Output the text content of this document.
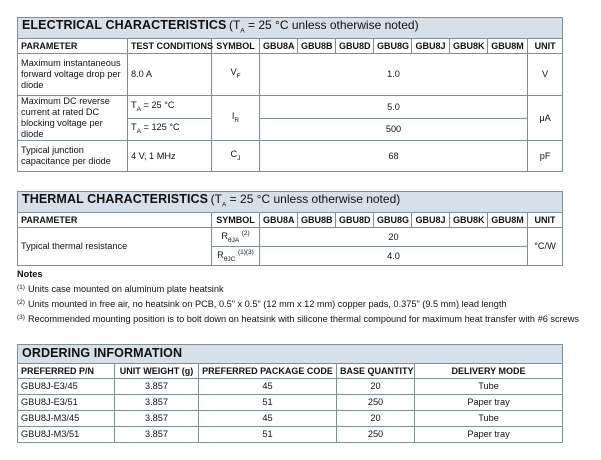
ELECTRICAL CHARACTERISTICS ($T_A = 25$ °C unless otherwise noted)										
PARAMETER	TEST CONDITIONS	SYMBOL	GBU8A	GBU8B	GBU8D	GBU8G	GBU8J	GBU8K	GBU8M	UNIT
Maximum instantaneous forward voltage drop per diode	8.0 A	$V_F$	1.0							V
Maximum DC reverse current at rated DC blocking voltage per diode	$T_A = 25$ °C	$I_R$	5.0							μA
	$T_A = 125$ °C		500							
Typical junction capacitance per diode	4 V, 1 MHz	$C_J$	68							pF
THERMAL CHARACTERISTICS ($T_A = 25$ °C unless otherwise noted)									
PARAMETER	SYMBOL	GBU8A	GBU8B	GBU8D	GBU8G	GBU8J	GBU8K	GBU8M	UNIT
Typical thermal resistance	$R_{\theta JA}$ $^{(2)}$	20							°C/W
	$R_{\theta JC}$ $^{(1)(3)}$	4.0							
Notes
$^{(1)}$ Units case mounted on aluminum plate heatsink
$^{(2)}$ Units mounted in free air, no heatsink on PCB, 0.5" x 0.5" (12 mm x 12 mm) copper pads, 0.375" (9.5 mm) lead length
$^{(3)}$ Recommended mounting position is to bolt down on heatsink with silicone thermal compound for maximum heat transfer with #6 screws
ORDERING INFORMATION				
PREFERRED P/N	UNIT WEIGHT (g)	PREFERRED PACKAGE CODE	BASE QUANTITY	DELIVERY MODE
GBU8J-E3/45	3.857	45	20	Tube
GBU8J-E3/51	3.857	51	250	Paper tray
GBU8J-M3/45	3.857	45	20	Tube
GBU8J-M3/51	3.857	51	250	Paper tray
